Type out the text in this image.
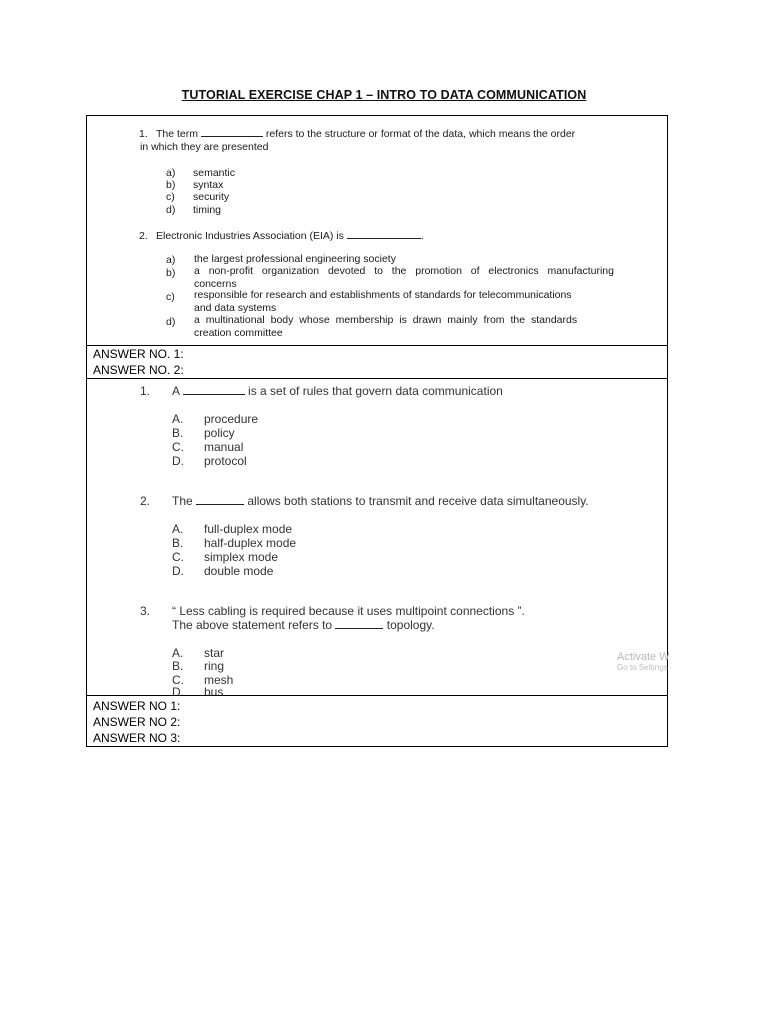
TUTORIAL EXERCISE CHAP 1 – INTRO TO DATA COMMUNICATION
1. The term	refers to the structure or format of the data, which means the order
in which they are presented
a) semantic
b) syntax
c) security
d) timing
2. Electronic Industries Association (EIA) is	.
a) the largest professional engineering society
b) a non-profit organization devoted to the promotion of electronics manufacturing
concerns
c) responsible for research and establishments of standards for telecommunications
and data systems
d) a multinational body whose membership is drawn mainly from the standards
creation committee
ANSWER NO. 1:
ANSWER NO. 2:
1. A	is a set of rules that govern data communication
A. procedure
B. policy
C. manual
D. protocol
2. The	allows both stations to transmit and receive data simultaneously.
A. full-duplex mode
B. half-duplex mode
C. simplex mode
D. double mode
3. “ Less cabling is required because it uses multipoint connections ”.
The above statement refers to	topology.
A. star
B. ring
C. mesh
D. bus
Activate W
Go to Settings
ANSWER NO 1:
ANSWER NO 2:
ANSWER NO 3:
